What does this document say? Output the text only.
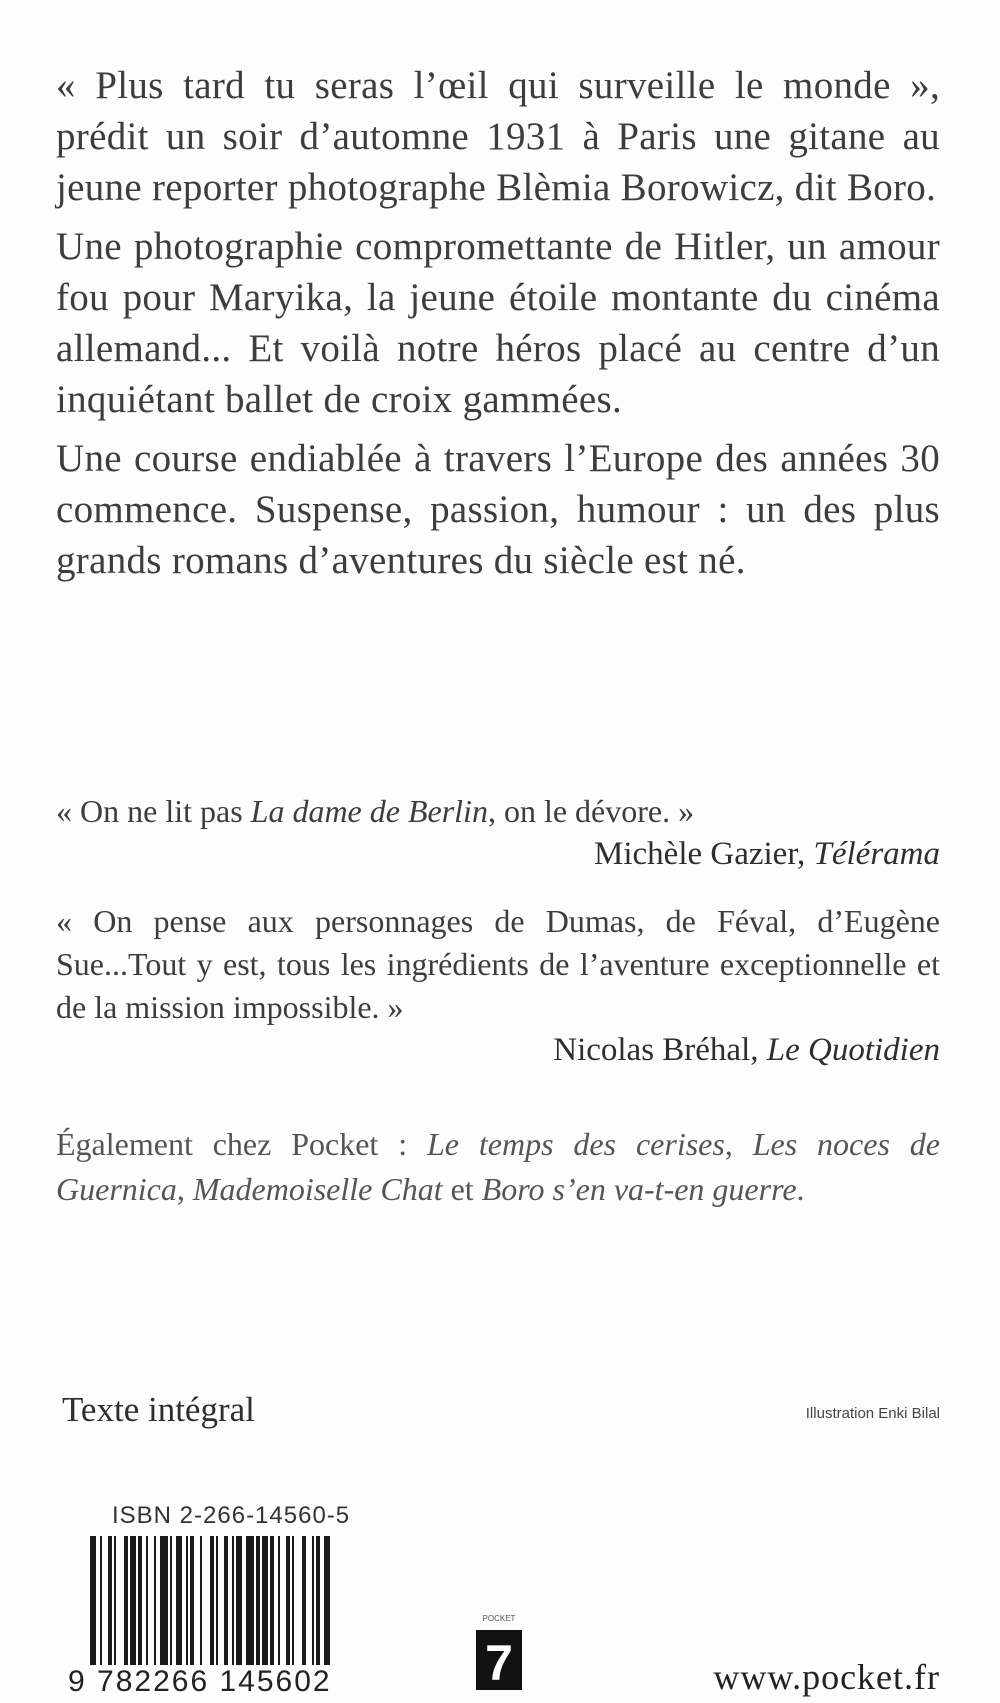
« Plus tard tu seras l’œil qui surveille le monde », prédit un soir d’automne 1931 à Paris une gitane au jeune reporter photographe Blèmia Borowicz, dit Boro.

Une photographie compromettante de Hitler, un amour fou pour Maryika, la jeune étoile montante du cinéma allemand... Et voilà notre héros placé au centre d’un inquiétant ballet de croix gammées.

Une course endiablée à travers l’Europe des années 30 commence. Suspense, passion, humour : un des plus grands romans d’aventures du siècle est né.

« On ne lit pas La dame de Berlin, on le dévore. »

Michèle Gazier, Télérama

« On pense aux personnages de Dumas, de Féval, d’Eugène Sue...Tout y est, tous les ingrédients de l’aventure exceptionnelle et de la mission impossible. »

Nicolas Bréhal, Le Quotidien

Également chez Pocket : Le temps des cerises, Les noces de Guernica, Mademoiselle Chat et Boro s’en va-t-en guerre.
Texte intégral	Illustration Enki Bilal
ISBN 2-266-14560-5
9 782266 145602
POCKET
7	www.pocket.fr
